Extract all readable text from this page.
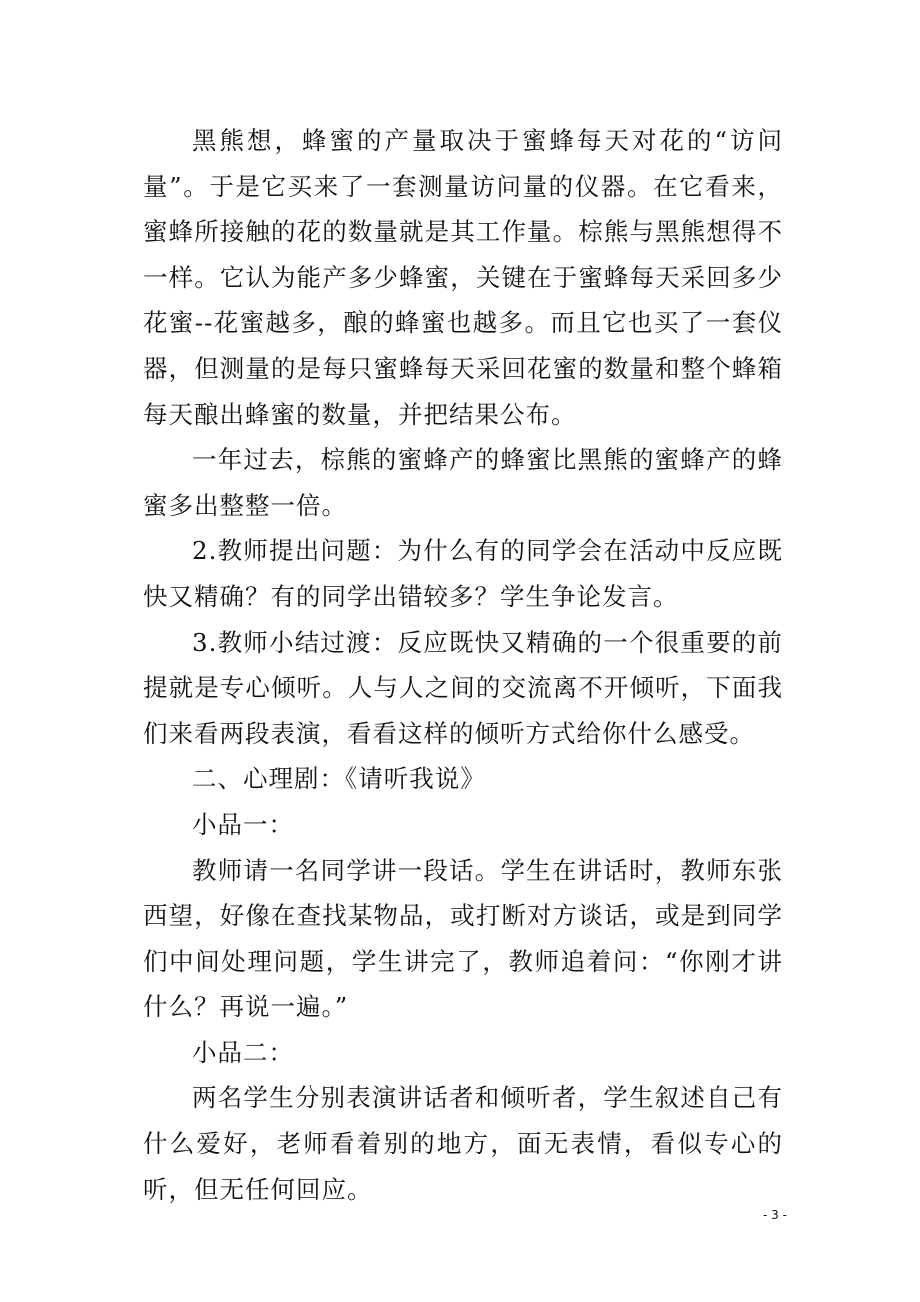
黑熊想，蜂蜜的产量取决于蜜蜂每天对花的“访问量”。于是它买来了一套测量访问量的仪器。在它看来，蜜蜂所接触的花的数量就是其工作量。棕熊与黑熊想得不一样。它认为能产多少蜂蜜，关键在于蜜蜂每天采回多少花蜜--花蜜越多，酿的蜂蜜也越多。而且它也买了一套仪器，但测量的是每只蜜蜂每天采回花蜜的数量和整个蜂箱每天酿出蜂蜜的数量，并把结果公布。

一年过去，棕熊的蜜蜂产的蜂蜜比黑熊的蜜蜂产的蜂蜜多出整整一倍。

2.教师提出问题：为什么有的同学会在活动中反应既快又精确？有的同学出错较多？学生争论发言。

3.教师小结过渡：反应既快又精确的一个很重要的前提就是专心倾听。人与人之间的交流离不开倾听，下面我们来看两段表演，看看这样的倾听方式给你什么感受。

二、心理剧：《请听我说》

小品一：

教师请一名同学讲一段话。学生在讲话时，教师东张西望，好像在查找某物品，或打断对方谈话，或是到同学们中间处理问题，学生讲完了，教师追着问：“你刚才讲什么？再说一遍。”

小品二：

两名学生分别表演讲话者和倾听者，学生叙述自己有什么爱好，老师看着别的地方，面无表情，看似专心的听，但无任何回应。

- 3 -
